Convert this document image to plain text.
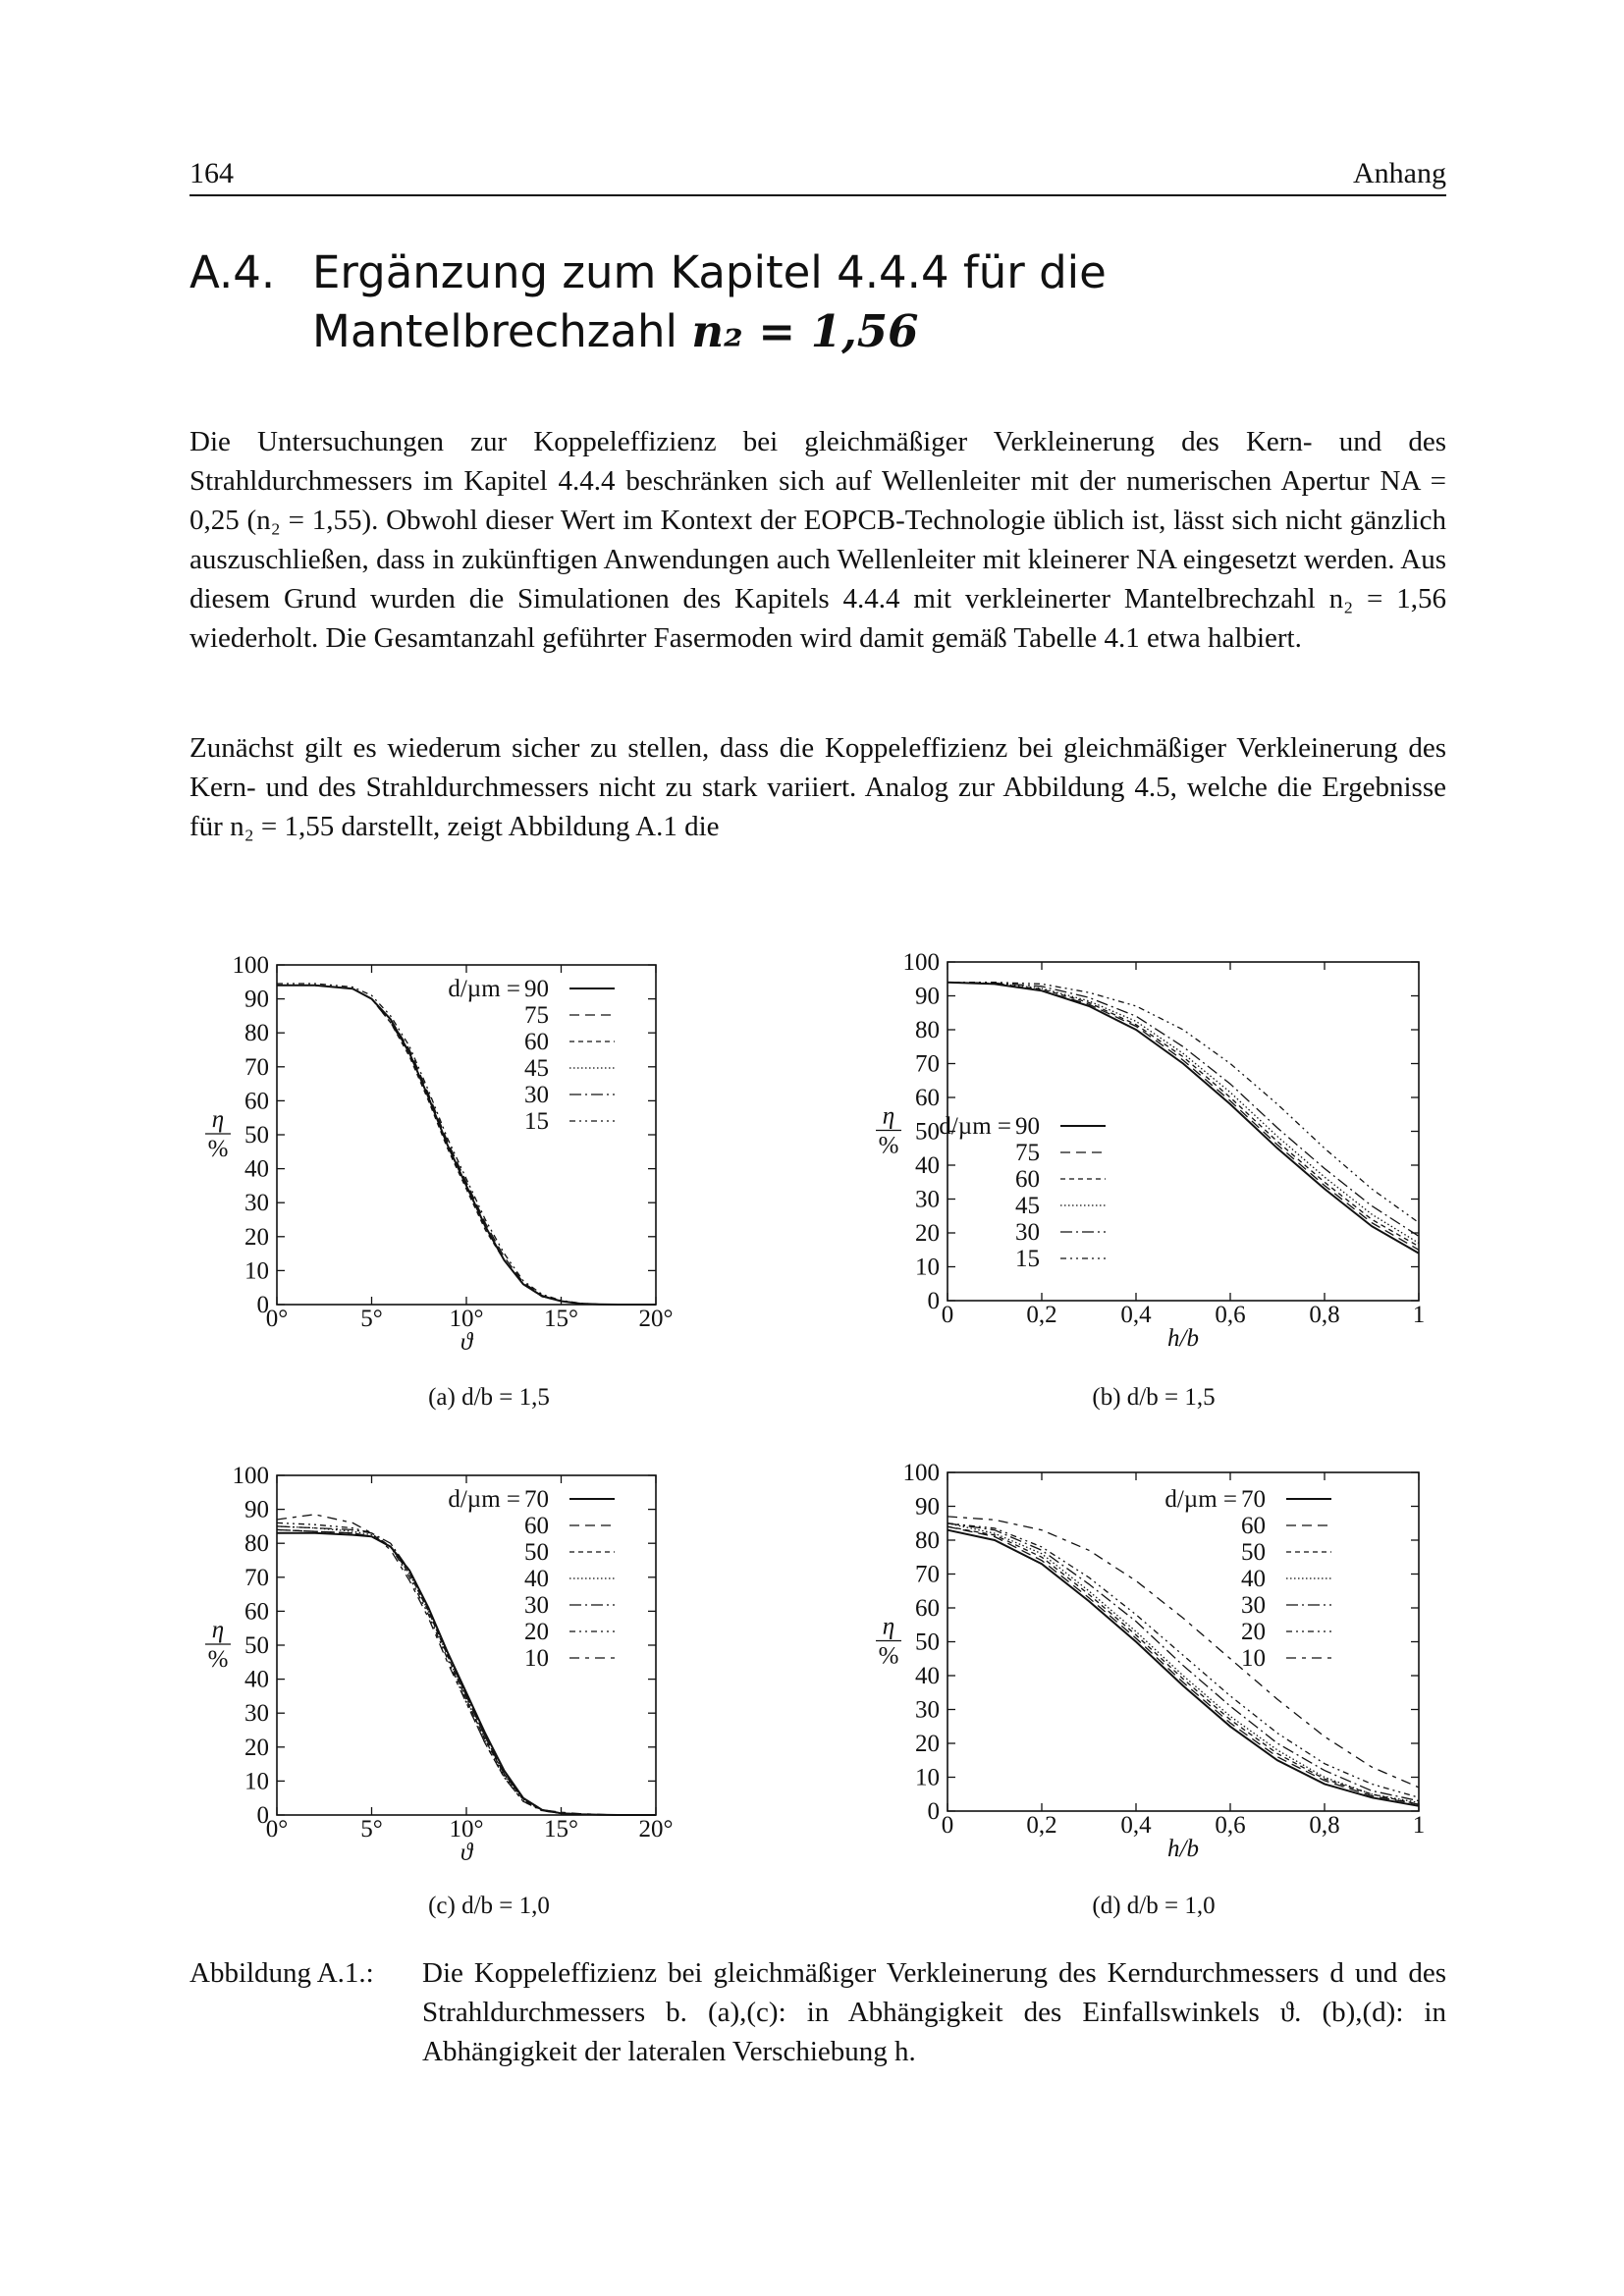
164	Anhang
A.4. Ergänzung zum Kapitel 4.4.4 für die
Mantelbrechzahl n₂ = 1,56

Die Untersuchungen zur Koppeleffizienz bei gleichmäßiger Verkleinerung des Kern- und des Strahldurchmessers im Kapitel 4.4.4 beschränken sich auf Wellenleiter mit der numerischen Apertur NA = 0,25 (n₂ = 1,55). Obwohl dieser Wert im Kontext der EOPCB-Technologie üblich ist, lässt sich nicht gänzlich auszuschließen, dass in zukünftigen Anwendungen auch Wellenleiter mit kleinerer NA eingesetzt werden. Aus diesem Grund wurden die Simulationen des Kapitels 4.4.4 mit verkleinerter Mantelbrechzahl n₂ = 1,56 wiederholt. Die Gesamtanzahl geführter Fasermoden wird damit gemäß Tabelle 4.1 etwa halbiert.

Zunächst gilt es wiederum sicher zu stellen, dass die Koppeleffizienz bei gleichmäßiger Verkleinerung des Kern- und des Strahldurchmessers nicht zu stark variiert. Analog zur Abbildung 4.5, welche die Ergebnisse für n₂ = 1,55 darstellt, zeigt Abbildung A.1 die

0
10
20
30
40
50
60
70
80
90
100
0°	5°	10° 15° 20°
ϑ
η
%
d/µm = 90
75
60
45
30
15
(a) d/b = 1,5
0
10
20
30
40
50
60
70
80
90
100
0	0,2	0,4	0,6	0,8	1
h/b
η
%
d/µm = 90
75
60
45
30
15
(b) d/b = 1,5
0
10
20
30
40
50
60
70
80
90
100
0°	5°	10° 15° 20°
ϑ
η
%
d/µm = 70
60
50
40
30
20
10
(c) d/b = 1,0
0
10
20
30
40
50
60
70
80
90
100
0	0,2	0,4	0,6	0,8	1
h/b
η
%
d/µm = 70
60
50
40
30
20
10
(d) d/b = 1,0
Abbildung A.1.: Die Koppeleffizienz bei gleichmäßiger Verkleinerung des Kerndurchmessers d und des Strahldurchmessers b. (a),(c): in Abhängigkeit des Einfallswinkels ϑ. (b),(d): in Abhängigkeit der lateralen Verschiebung h.
